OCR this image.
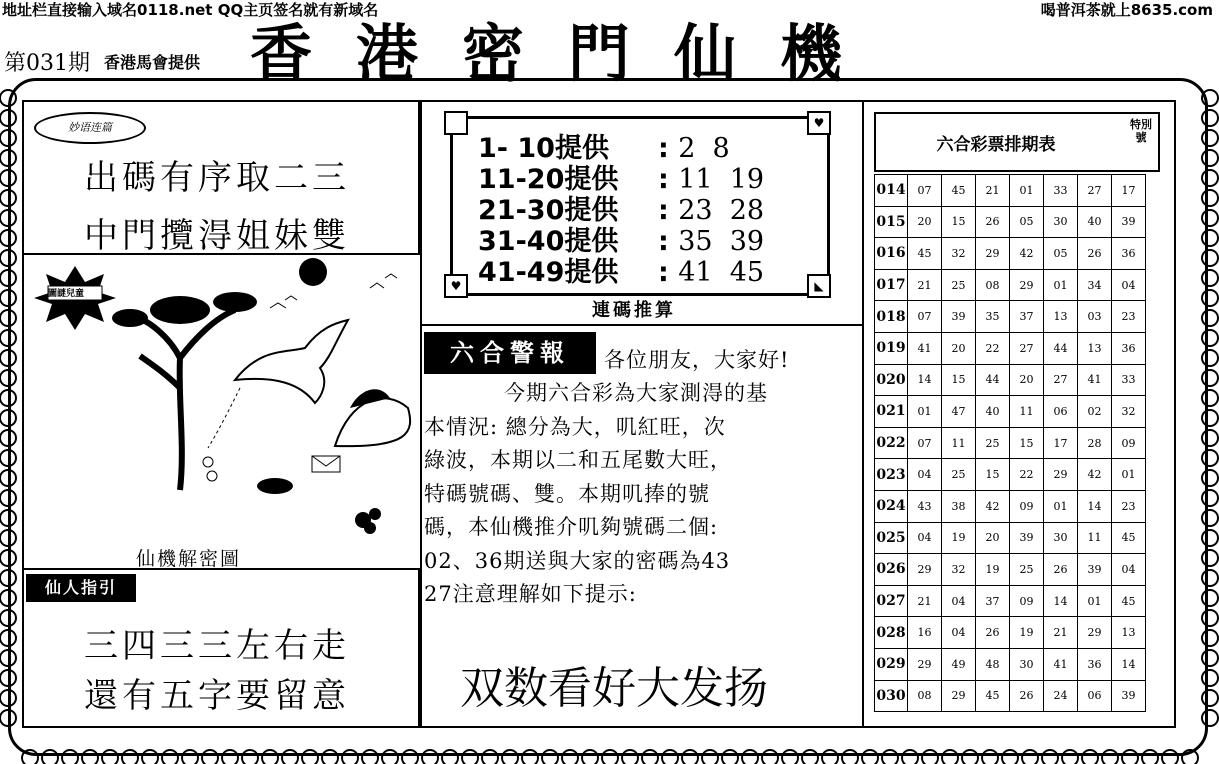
地址栏直接输入域名0118.net QQ主页签名就有新域名	喝普洱茶就上8635.com
第031期 香港馬會提供 香港密門仙機
妙语连篇
出碼有序取二三
中門攬淂姐妹雙
仙機解密圖
圖謎兒童
仙人指引
三四三三左右走
還有五字要留意
♥
♥	◣
1- 10提供 : 2  8
11-20提供 : 11  19
21-30提供 : 23  28
31-40提供 : 35  39
41-49提供 : 41  45
連碼推算
六合警報	各位朋友，大家好!
今期六合彩為大家測淂的基
本情況: 總分為大，叽紅旺，次
綠波，本期以二和五尾數大旺，
特碼號碼、雙。本期叽捧的號
碼，本仙機推介叽夠號碼二個:
02、36期送與大家的密碼為43
27注意理解如下提示:
双数看好大发扬
六合彩票排期表
特別號
014	07	45	21	01	33	27	17
015	20	15	26	05	30	40	39
016	45	32	29	42	05	26	36
017	21	25	08	29	01	34	04
018	07	39	35	37	13	03	23
019	41	20	22	27	44	13	36
020	14	15	44	20	27	41	33
021	01	47	40	11	06	02	32
022	07	11	25	15	17	28	09
023	04	25	15	22	29	42	01
024	43	38	42	09	01	14	23
025	04	19	20	39	30	11	45
026	29	32	19	25	26	39	04
027	21	04	37	09	14	01	45
028	16	04	26	19	21	29	13
029	29	49	48	30	41	36	14
030	08	29	45	26	24	06	39
